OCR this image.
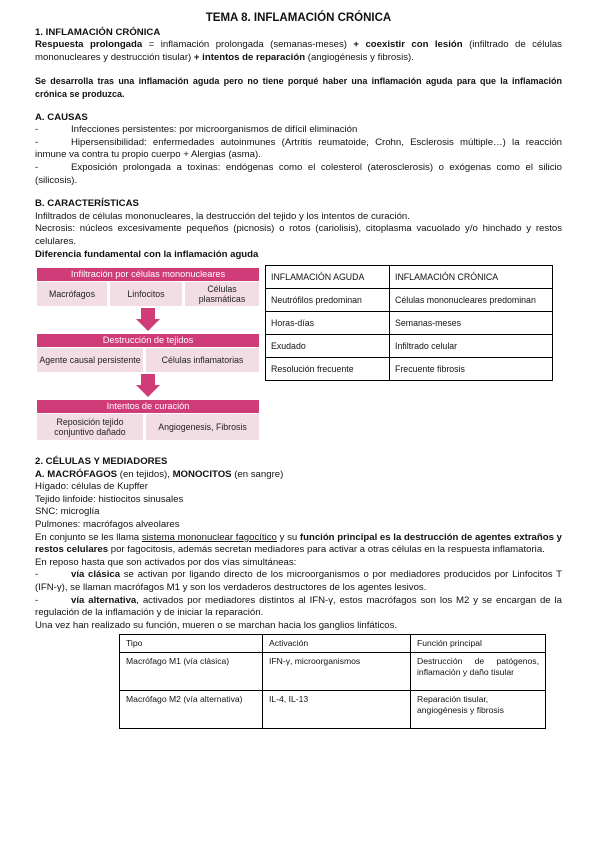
TEMA 8. INFLAMACIÓN CRÓNICA
1. INFLAMACIÓN CRÓNICA

Respuesta prolongada = inflamación prolongada (semanas-meses) + coexistir con lesión (infiltrado de células mononucleares y destrucción tisular) + intentos de reparación (angiogénesis y fibrosis).

Se desarrolla tras una inflamación aguda pero no tiene porqué haber una inflamación aguda para que la inflamación crónica se produzca.

A. CAUSAS
-	Infecciones persistentes: por microorganismos de difícil eliminación

-	Hipersensibilidad: enfermedades autoinmunes (Artritis reumatoide, Crohn, Esclerosis múltiple…) la reacción inmune va contra tu propio cuerpo + Alergias (asma).

-	Exposición prolongada a toxinas: endógenas como el colesterol (aterosclerosis) o exógenas como el silicio (silicosis).

B. CARACTERÍSTICAS

Infiltrados de células mononucleares, la destrucción del tejido y los intentos de curación.

Necrosis: núcleos excesivamente pequeños (picnosis) o rotos (cariolisis), citoplasma vacuolado y/o hinchado y restos celulares.

Diferencia fundamental con la inflamación aguda

Infiltración por células mononucleares
Macrófagos	Linfocitos
Células plasmáticas
Destrucción de tejidos
Agente causal persistente	Células inflamatorias
Intentos de curación
Reposición tejido conjuntivo dañado
Angiogenesis, Fibrosis
INFLAMACIÓN AGUDA	INFLAMACIÓN CRÓNICA
Neutrófilos predominan	Células mononucleares predominan
Horas-días	Semanas-meses
Exudado	Infiltrado celular
Resolución frecuente	Frecuente fibrosis
2. CÉLULAS Y MEDIADORES

A. MACRÓFAGOS (en tejidos), MONOCITOS (en sangre)

Hígado: células de Kupffer

Tejido linfoide: histiocitos sinusales

SNC: microglía

Pulmones: macrófagos alveolares

En conjunto se les llama sistema mononuclear fagocítico y su función principal es la destrucción de agentes extraños y restos celulares por fagocitosis, además secretan mediadores para activar a otras células en la respuesta inflamatoria.

En reposo hasta que son activados por dos vías simultáneas:

-	vía clásica se activan por ligando directo de los microorganismos o por mediadores producidos por Linfocitos T (IFN-γ), se llaman macrófagos M1 y son los verdaderos destructores de los agentes lesivos.

-	vía alternativa, activados por mediadores distintos al IFN-γ, estos macrófagos son los M2 y se encargan de la regulación de la inflamación y de iniciar la reparación.

Una vez han realizado su función, mueren o se marchan hacia los ganglios linfáticos.

Tipo	Activación	Función principal
Macrófago M1 (vía clásica)	IFN-γ, microorganismos	Destrucción de patógenos, inflamación y daño tisular
Macrófago M2 (vía alternativa)	IL-4, IL-13	Reparación tisular, angiogénesis y fibrosis
